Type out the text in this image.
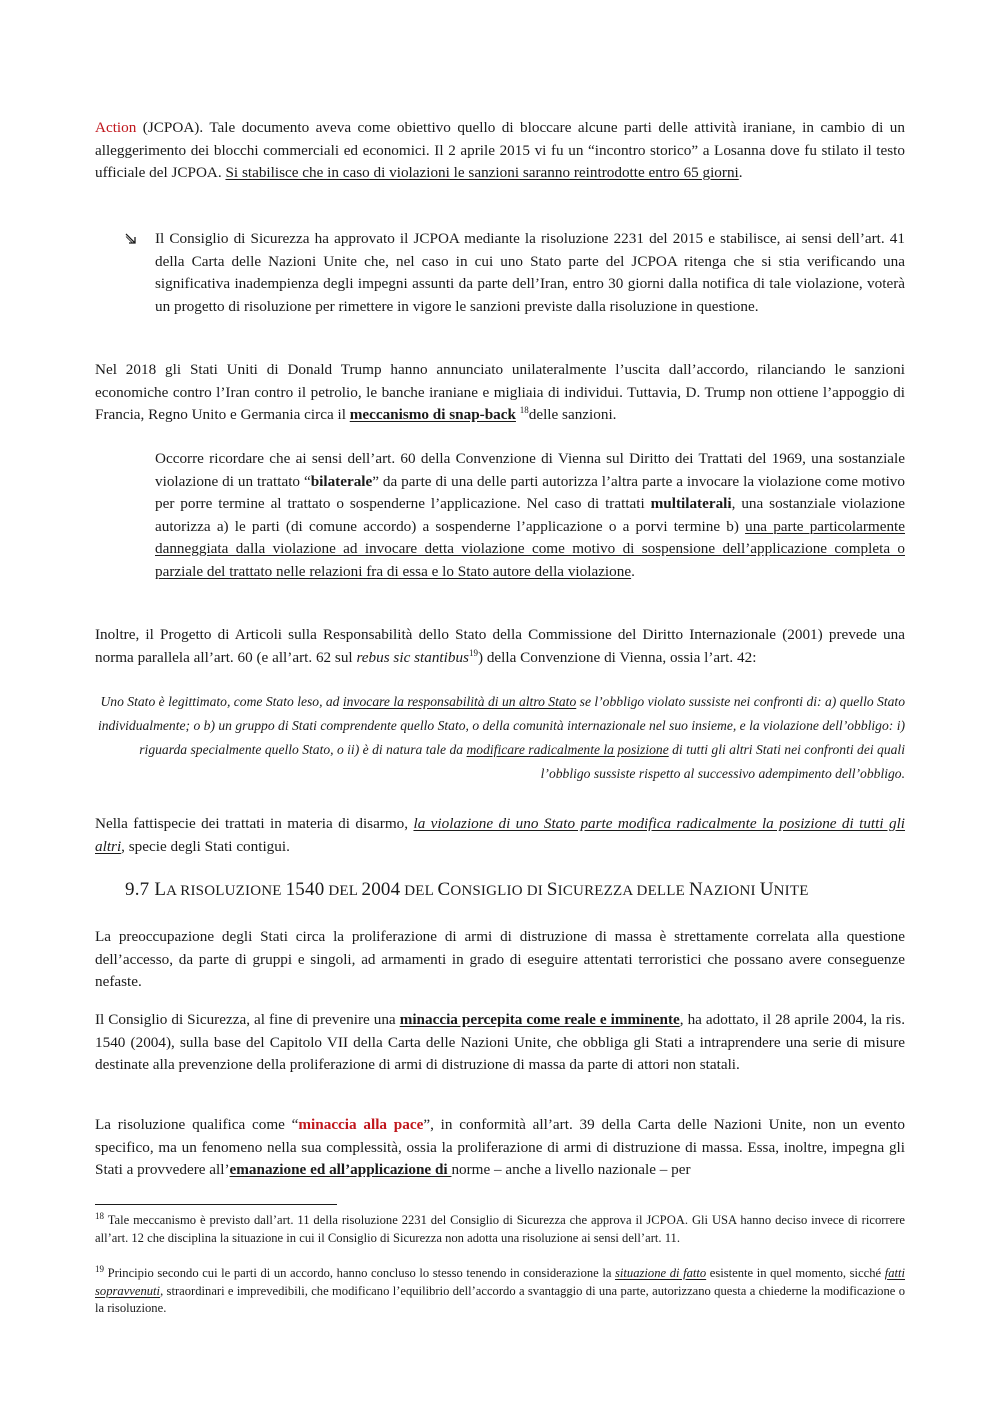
Action (JCPOA). Tale documento aveva come obiettivo quello di bloccare alcune parti delle attività iraniane, in cambio di un alleggerimento dei blocchi commerciali ed economici. Il 2 aprile 2015 vi fu un “incontro storico” a Losanna dove fu stilato il testo ufficiale del JCPOA. Si stabilisce che in caso di violazioni le sanzioni saranno reintrodotte entro 65 giorni.

Il Consiglio di Sicurezza ha approvato il JCPOA mediante la risoluzione 2231 del 2015 e stabilisce, ai sensi dell’art. 41 della Carta delle Nazioni Unite che, nel caso in cui uno Stato parte del JCPOA ritenga che si stia verificando una significativa inadempienza degli impegni assunti da parte dell’Iran, entro 30 giorni dalla notifica di tale violazione, voterà un progetto di risoluzione per rimettere in vigore le sanzioni previste dalla risoluzione in questione.

Nel 2018 gli Stati Uniti di Donald Trump hanno annunciato unilateralmente l’uscita dall’accordo, rilanciando le sanzioni economiche contro l’Iran contro il petrolio, le banche iraniane e migliaia di individui. Tuttavia, D. Trump non ottiene l’appoggio di Francia, Regno Unito e Germania circa il meccanismo di snap-back $^{18}$delle sanzioni.

Occorre ricordare che ai sensi dell’art. 60 della Convenzione di Vienna sul Diritto dei Trattati del 1969, una sostanziale violazione di un trattato “bilaterale” da parte di una delle parti autorizza l’altra parte a invocare la violazione come motivo per porre termine al trattato o sospenderne l’applicazione. Nel caso di trattati multilaterali, una sostanziale violazione autorizza a) le parti (di comune accordo) a sospenderne l’applicazione o a porvi termine b) una parte particolarmente danneggiata dalla violazione ad invocare detta violazione come motivo di sospensione dell’applicazione completa o parziale del trattato nelle relazioni fra di essa e lo Stato autore della violazione.

Inoltre, il Progetto di Articoli sulla Responsabilità dello Stato della Commissione del Diritto Internazionale (2001) prevede una norma parallela all’art. 60 (e all’art. 62 sul rebus sic stantibus$^{19}$) della Convenzione di Vienna, ossia l’art. 42:

Uno Stato è legittimato, come Stato leso, ad invocare la responsabilità di un altro Stato se l’obbligo violato sussiste nei confronti di: a) quello Stato individualmente; o b) un gruppo di Stati comprendente quello Stato, o della comunità internazionale nel suo insieme, e la violazione dell’obbligo: i) riguarda specialmente quello Stato, o ii) è di natura tale da modificare radicalmente la posizione di tutti gli altri Stati nei confronti dei quali l’obbligo sussiste rispetto al successivo adempimento dell’obbligo.

Nella fattispecie dei trattati in materia di disarmo, la violazione di uno Stato parte modifica radicalmente la posizione di tutti gli altri, specie degli Stati contigui.

9.7 LA RISOLUZIONE 1540 DEL 2004 DEL CONSIGLIO DI SICUREZZA DELLE NAZIONI UNITE

La preoccupazione degli Stati circa la proliferazione di armi di distruzione di massa è strettamente correlata alla questione dell’accesso, da parte di gruppi e singoli, ad armamenti in grado di eseguire attentati terroristici che possano avere conseguenze nefaste.

Il Consiglio di Sicurezza, al fine di prevenire una minaccia percepita come reale e imminente, ha adottato, il 28 aprile 2004, la ris. 1540 (2004), sulla base del Capitolo VII della Carta delle Nazioni Unite, che obbliga gli Stati a intraprendere una serie di misure destinate alla prevenzione della proliferazione di armi di distruzione di massa da parte di attori non statali.

La risoluzione qualifica come “minaccia alla pace”, in conformità all’art. 39 della Carta delle Nazioni Unite, non un evento specifico, ma un fenomeno nella sua complessità, ossia la proliferazione di armi di distruzione di massa. Essa, inoltre, impegna gli Stati a provvedere all’emanazione ed all’applicazione di norme – anche a livello nazionale – per

$^{18}$ Tale meccanismo è previsto dall’art. 11 della risoluzione 2231 del Consiglio di Sicurezza che approva il JCPOA. Gli USA hanno deciso invece di ricorrere all’art. 12 che disciplina la situazione in cui il Consiglio di Sicurezza non adotta una risoluzione ai sensi dell’art. 11.

$^{19}$ Principio secondo cui le parti di un accordo, hanno concluso lo stesso tenendo in considerazione la situazione di fatto esistente in quel momento, sicché fatti sopravvenuti, straordinari e imprevedibili, che modificano l’equilibrio dell’accordo a svantaggio di una parte, autorizzano questa a chiederne la modificazione o la risoluzione.
